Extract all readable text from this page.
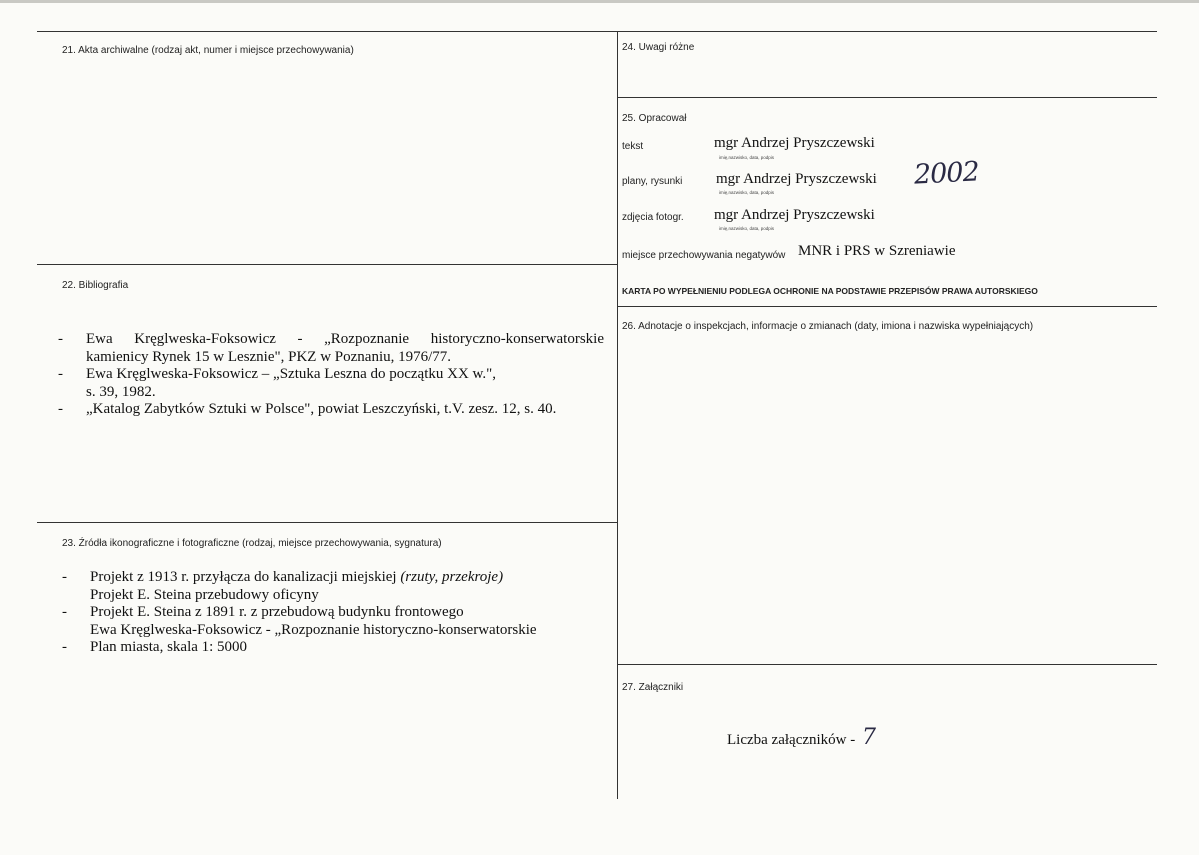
21. Akta archiwalne (rodzaj akt, numer i miejsce przechowywania)
22. Bibliografia
- Ewa Kręglweska-Foksowicz - „Rozpoznanie historyczno-konserwatorskie
kamienicy Rynek 15 w Lesznie", PKZ w Poznaniu, 1976/77.
- Ewa Kręglweska-Foksowicz – „Sztuka Leszna do początku XX w.",
s. 39, 1982.
- „Katalog Zabytków Sztuki w Polsce", powiat Leszczyński, t.V. zesz. 12, s. 40.
23. Źródła ikonograficzne i fotograficzne (rodzaj, miejsce przechowywania, sygnatura)
- Projekt z 1913 r. przyłącza do kanalizacji miejskiej (rzuty, przekroje)
Projekt E. Steina przebudowy oficyny
- Projekt E. Steina z 1891 r. z przebudową budynku frontowego
Ewa Kręglweska-Foksowicz - „Rozpoznanie historyczno-konserwatorskie
- Plan miasta, skala 1: 5000
24. Uwagi różne
25. Opracował
tekst	mgr Andrzej Pryszczewski
imię,nazwisko, data, podpis
plany, rysunki mgr Andrzej Pryszczewski
imię,nazwisko, data, podpis
zdjęcia fotogr. mgr Andrzej Pryszczewski
imię,nazwisko, data, podpis
2002
miejsce przechowywania negatywów MNR i PRS w Szreniawie
KARTA PO WYPEŁNIENIU PODLEGA OCHRONIE NA PODSTAWIE PRZEPISÓW PRAWA AUTORSKIEGO
26. Adnotacje o inspekcjach, informacje o zmianach (daty, imiona i nazwiska wypełniających)
27. Załączniki
Liczba załączników - 7
